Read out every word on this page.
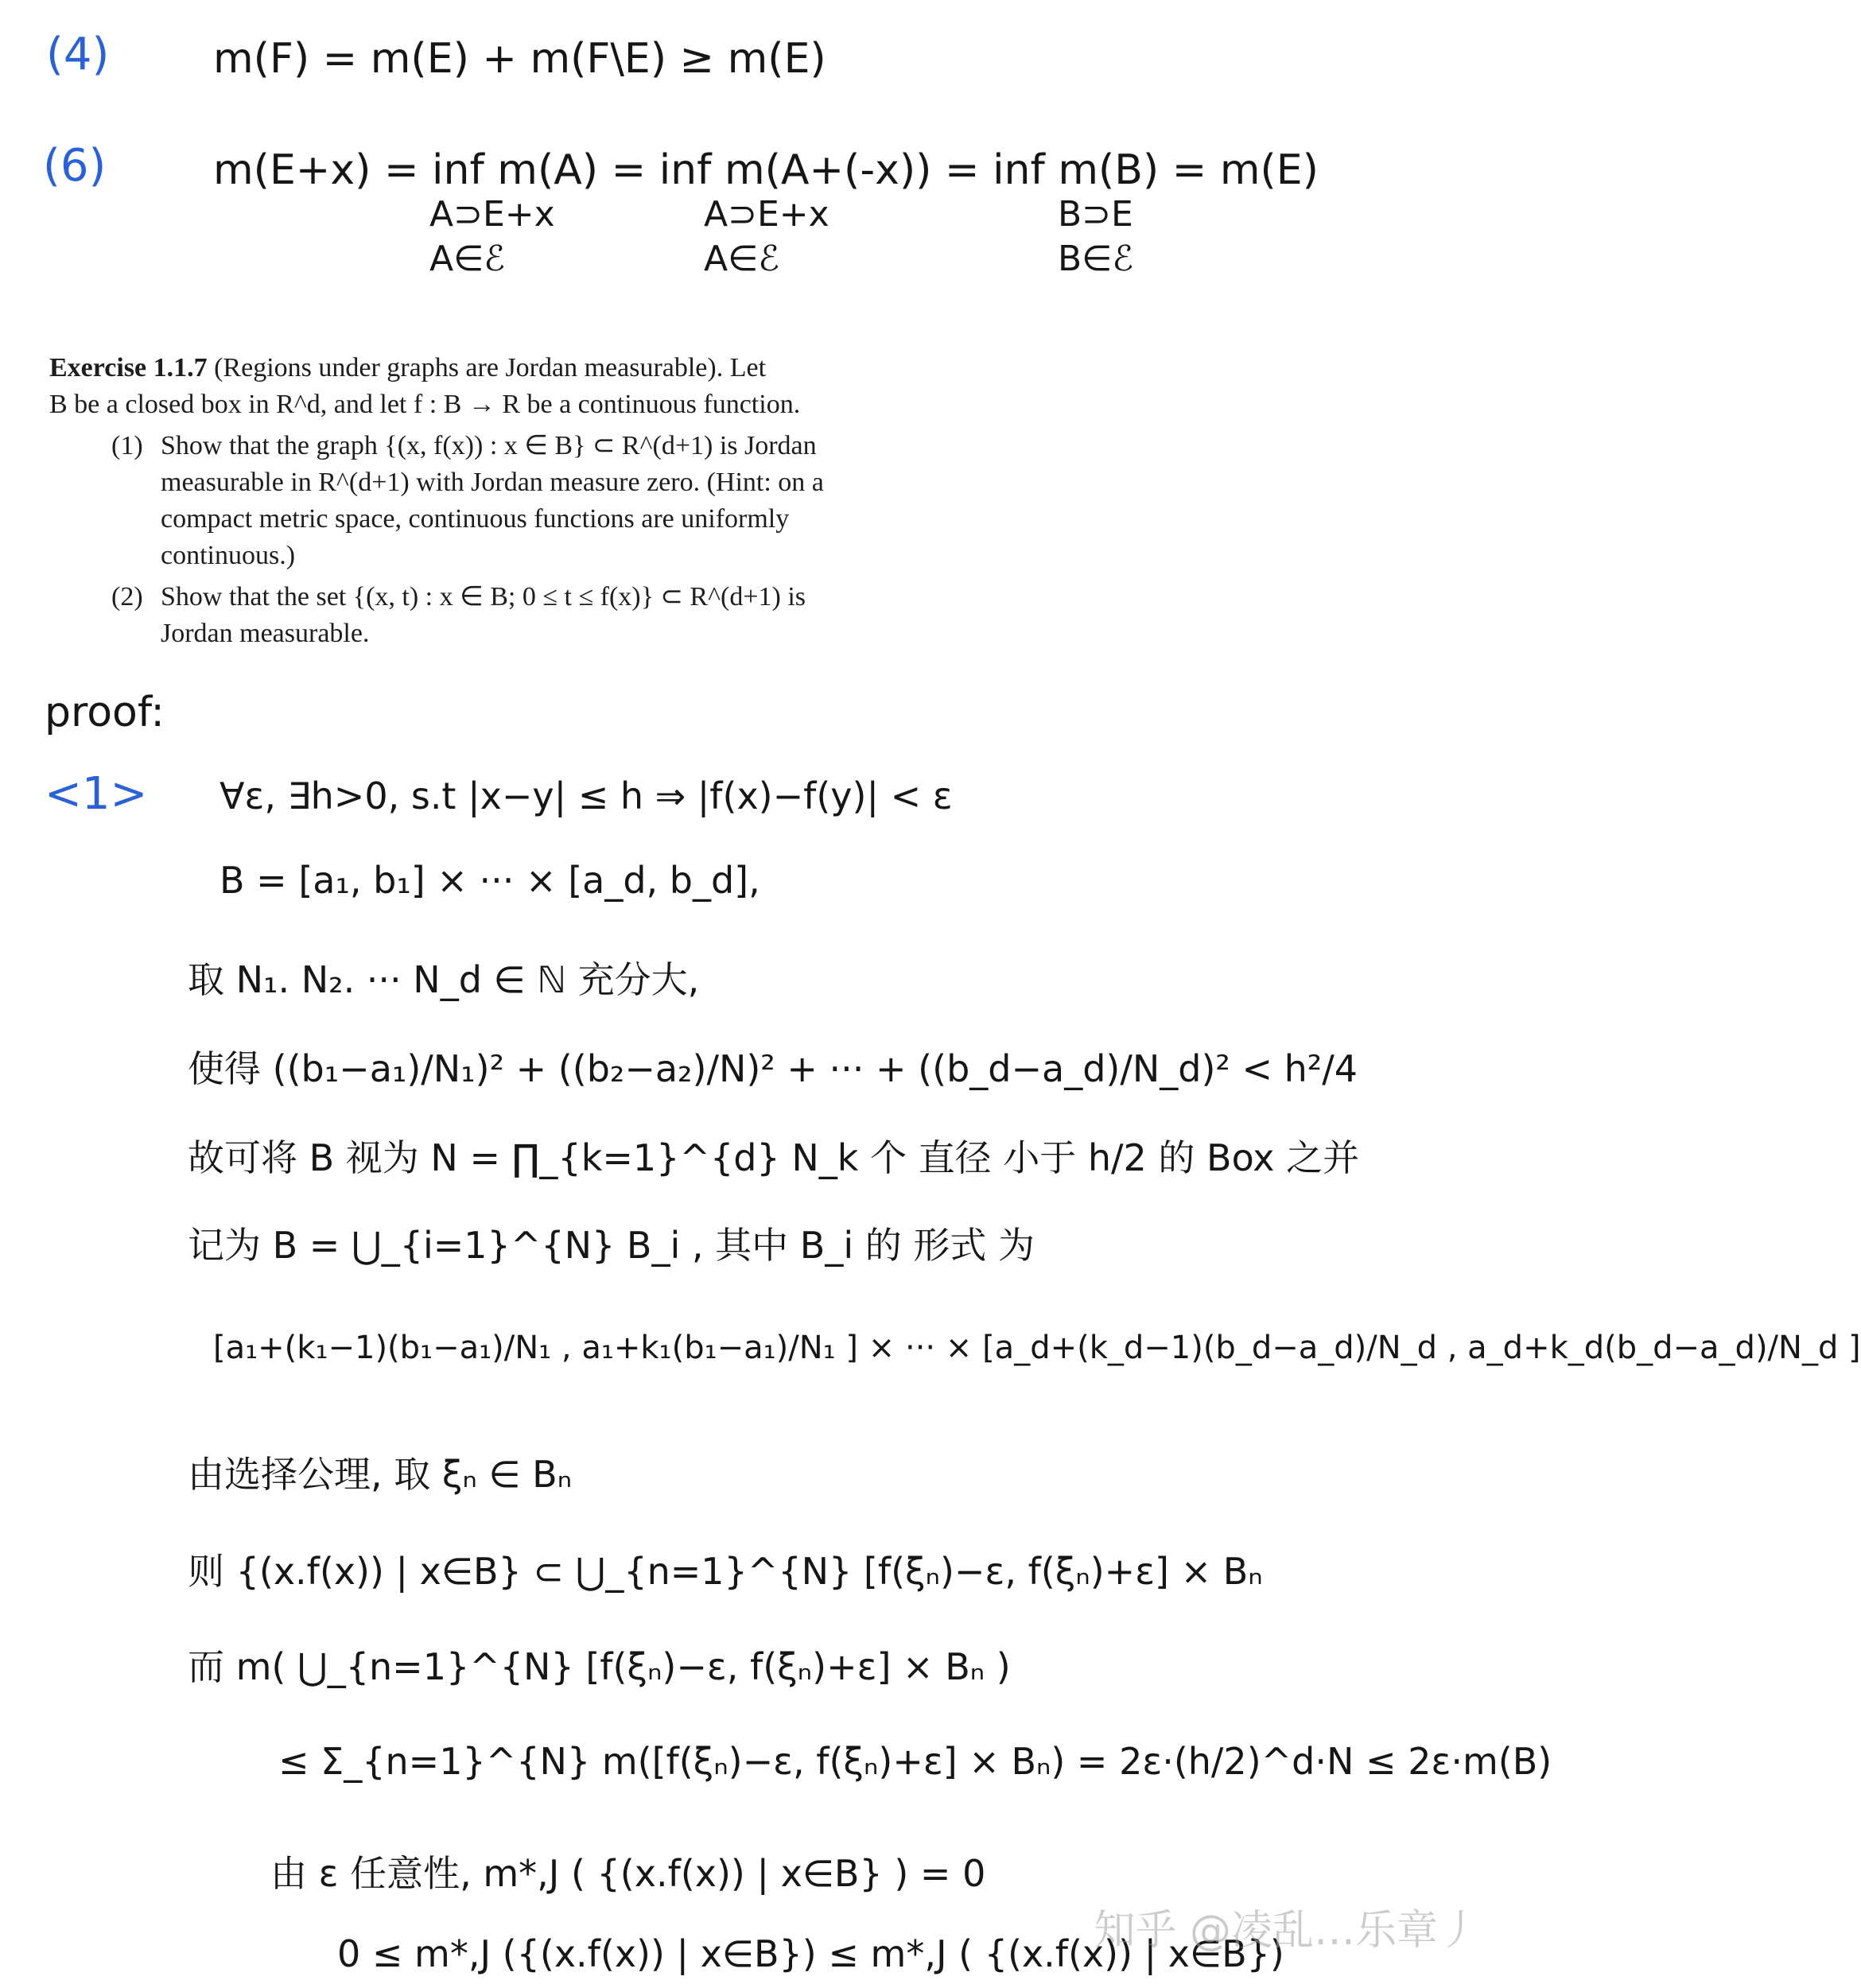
(4)	m(F) = m(E) + m(F\E) ≥ m(E)
(6)	m(E+x) = inf m(A) = inf m(A+(-x)) = inf m(B) = m(E)
A⊃E+x
A∈ℰ
A⊃E+x
A∈ℰ
B⊃E
B∈ℰ
Exercise 1.1.7 (Regions under graphs are Jordan measurable). Let
B be a closed box in R^d, and let f : B → R be a continuous function.
(1) Show that the graph {(x, f(x)) : x ∈ B} ⊂ R^(d+1) is Jordan measurable in R^(d+1) with Jordan measure zero. (Hint: on a compact metric space, continuous functions are uniformly continuous.)
(2) Show that the set {(x, t) : x ∈ B; 0 ≤ t ≤ f(x)} ⊂ R^(d+1) is Jordan measurable.
proof:
<1> ∀ε, ∃h>0, s.t |x−y| ≤ h ⇒ |f(x)−f(y)| < ε
B = [a₁, b₁] × ··· × [a_d, b_d],
取 N₁. N₂. ··· N_d ∈ ℕ 充分大,
使得 ((b₁−a₁)/N₁)² + ((b₂−a₂)/N)² + ··· + ((b_d−a_d)/N_d)² < h²/4
故可将 B 视为 N = ∏_{k=1}^{d} N_k 个 直径 小于 h/2 的 Box 之并
记为 B = ⋃_{i=1}^{N} B_i , 其中 B_i 的 形式 为
[a₁+(k₁−1)(b₁−a₁)/N₁ , a₁+k₁(b₁−a₁)/N₁ ] × ··· × [a_d+(k_d−1)(b_d−a_d)/N_d , a_d+k_d(b_d−a_d)/N_d ]
由选择公理, 取 ξₙ ∈ Bₙ
则 {(x.f(x)) | x∈B} ⊂ ⋃_{n=1}^{N} [f(ξₙ)−ε, f(ξₙ)+ε] × Bₙ
而 m( ⋃_{n=1}^{N} [f(ξₙ)−ε, f(ξₙ)+ε] × Bₙ )
≤ Σ_{n=1}^{N} m([f(ξₙ)−ε, f(ξₙ)+ε] × Bₙ) = 2ε·(h/2)^d·N ≤ 2ε·m(B)
由 ε 任意性, m*,J ( {(x.f(x)) | x∈B} ) = 0
0 ≤ m*,J ({(x.f(x)) | x∈B}) ≤ m*,J ( {(x.f(x)) | x∈B})
知乎 @凌乱…乐章丿
